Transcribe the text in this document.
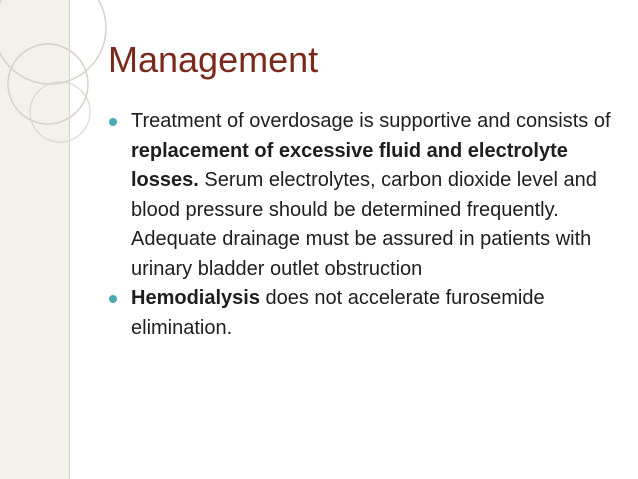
Management
Treatment of overdosage is supportive and consists of replacement of excessive fluid and electrolyte losses. Serum electrolytes, carbon dioxide level and blood pressure should be determined frequently. Adequate drainage must be assured in patients with urinary bladder outlet obstruction
Hemodialysis does not accelerate furosemide elimination.
